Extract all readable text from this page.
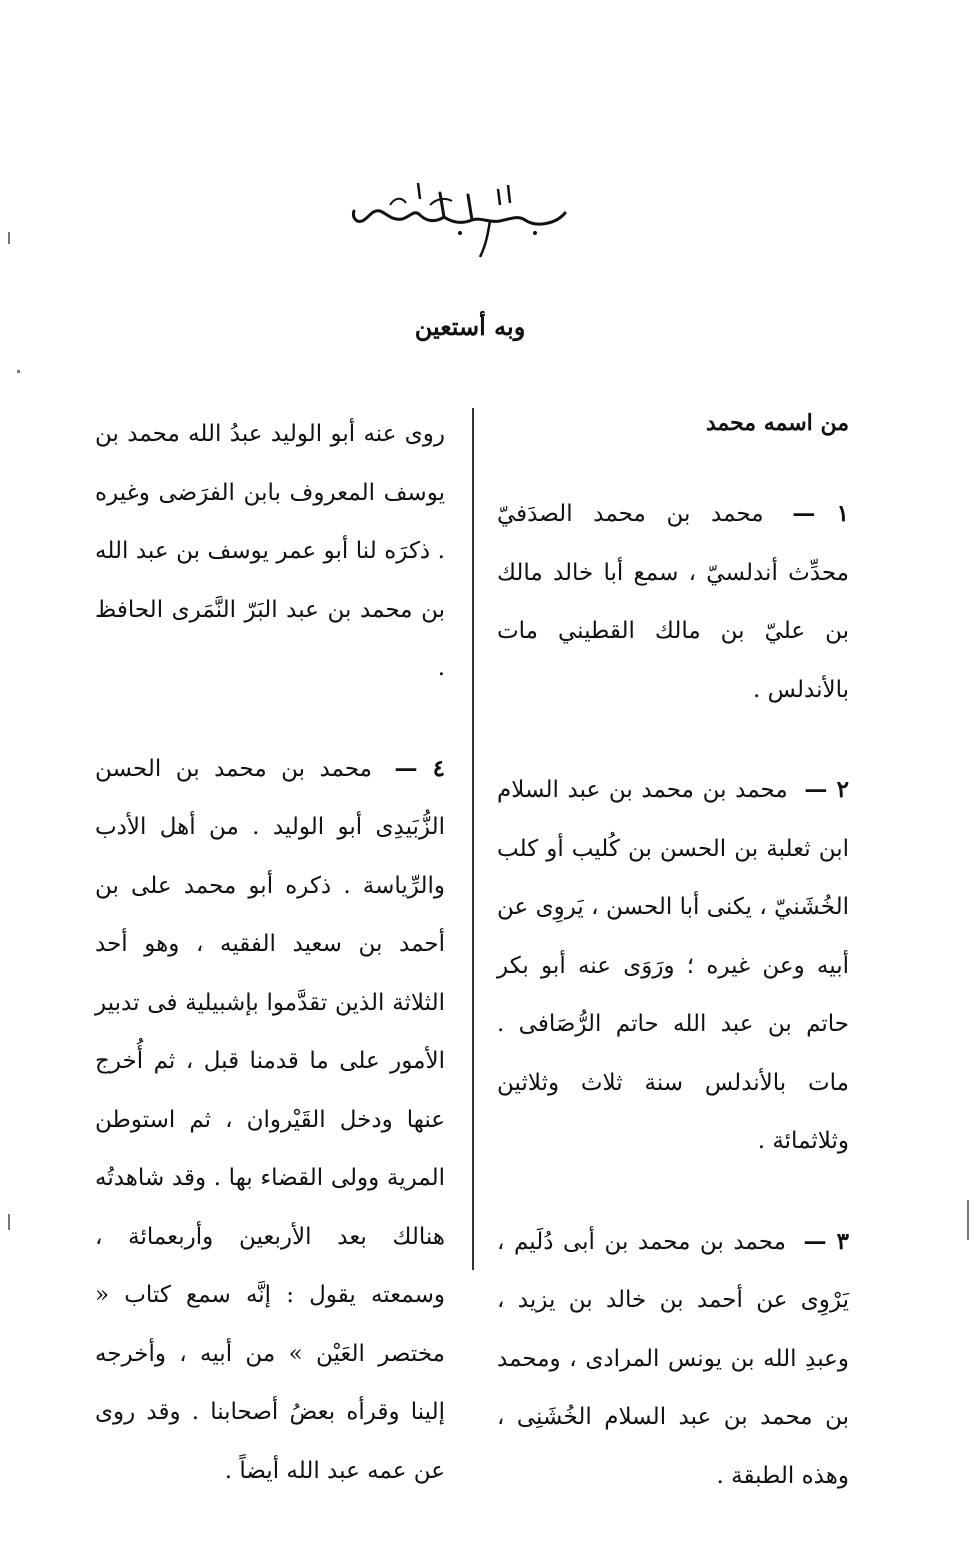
وبه أستعين
من اسمه محمد

١ — محمد بن محمد الصدَفيّ محدِّث أندلسيّ ، سمع أبا خالد مالك بن عليّ بن مالك القطيني مات بالأندلس .

٢ — محمد بن محمد بن عبد السلام ابن ثعلبة بن الحسن بن كُليب أو كلب الخُشَنيّ ، يكنى أبا الحسن ، يَروِى عن أبيه وعن غيره ؛ ورَوَى عنه أبو بكر حاتم بن عبد الله حاتم الرُّصَافى . مات بالأندلس سنة ثلاث وثلاثين وثلاثمائة .

٣ — محمد بن محمد بن أبى دُلَيم ، يَرْوِى عن أحمد بن خالد بن يزيد ، وعبدِ الله بن يونس المرادى ، ومحمد بن محمد بن عبد السلام الخُشَنِى ، وهذه الطبقة .

روى عنه أبو الوليد عبدُ الله محمد بن يوسف المعروف بابن الفرَضى وغيره . ذكرَه لنا أبو عمر يوسف بن عبد الله بن محمد بن عبد البَرّ النَّمَرى الحافظ .

٤ — محمد بن محمد بن الحسن الزُّبَيدِى أبو الوليد . من أهل الأدب والرِّياسة . ذكره أبو محمد على بن أحمد بن سعيد الفقيه ، وهو أحد الثلاثة الذين تقدَّموا بإشبيلية فى تدبير الأمور على ما قدمنا قبل ، ثم أُخرج عنها ودخل القَيْروان ، ثم استوطن المرية وولى القضاء بها . وقد شاهدتُه هنالك بعد الأربعين وأربعمائة ، وسمعته يقول : إنَّه سمع كتاب « مختصر العَيْن » من أبيه ، وأخرجه إلينا وقرأه بعضُ أصحابنا . وقد روى عن عمه عبد الله أيضاً .
